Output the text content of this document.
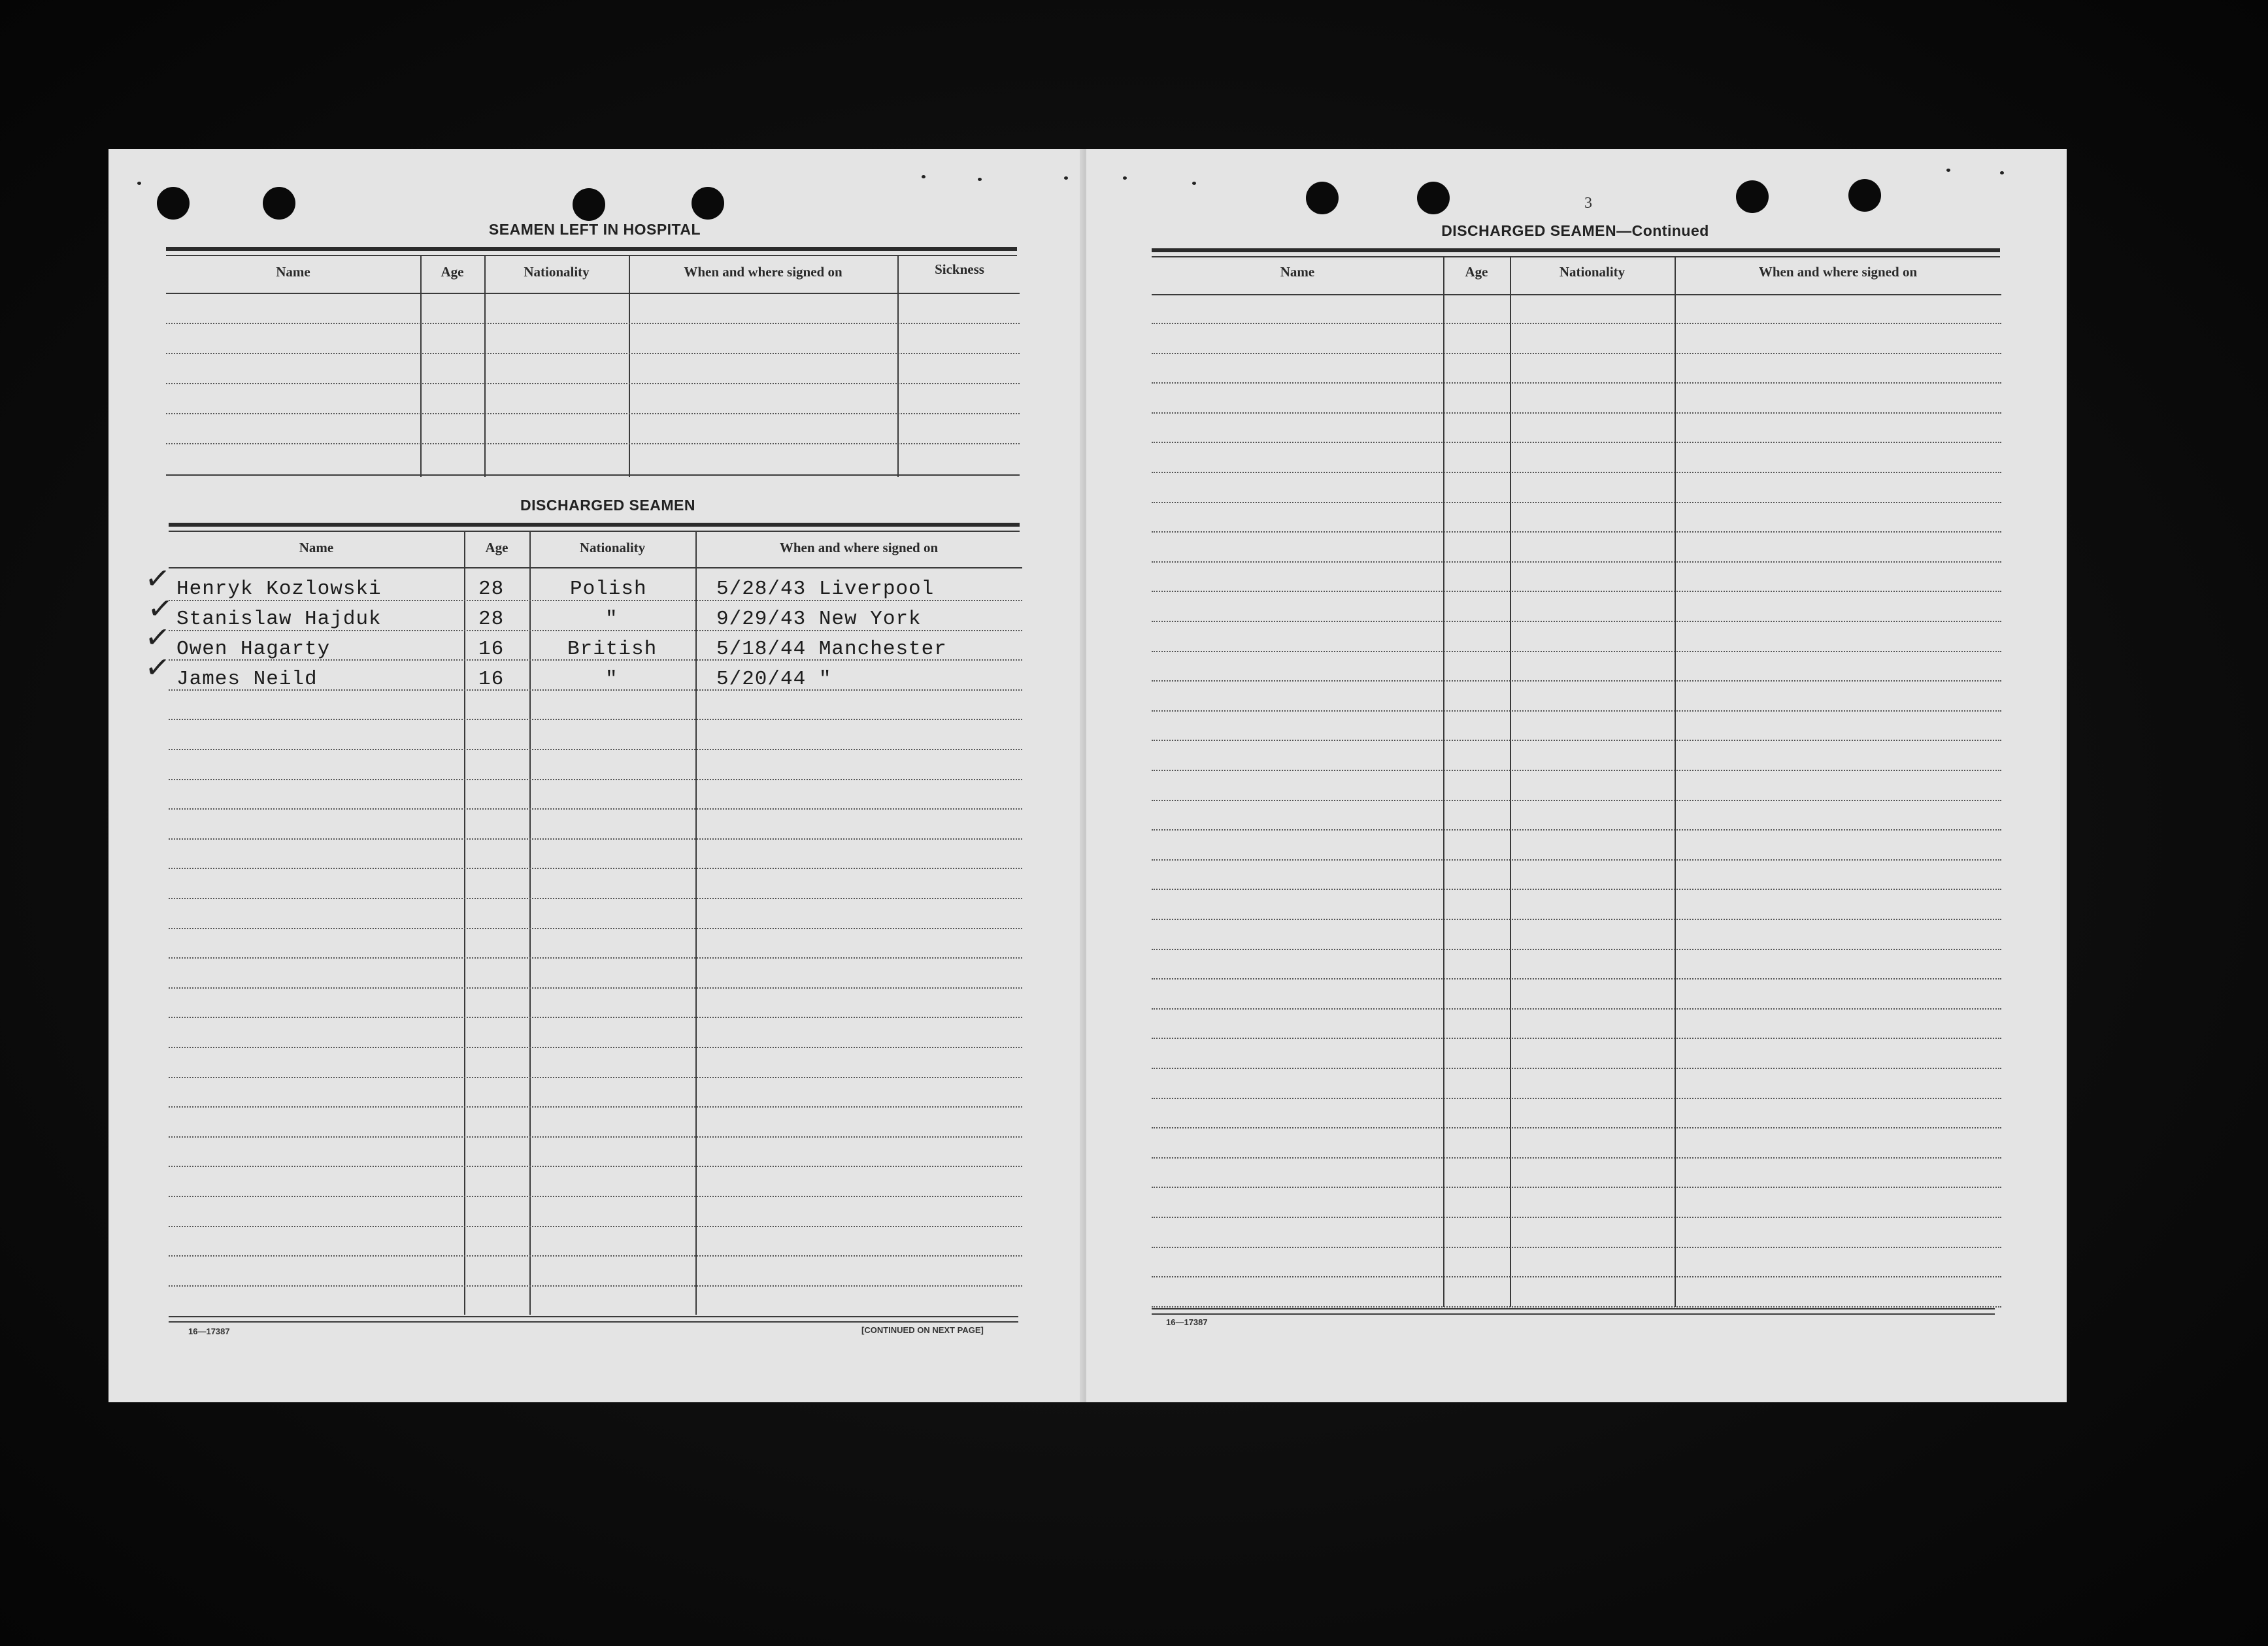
SEAMEN LEFT IN HOSPITAL
Name	Age	Nationality	When and where signed on	Sickness
DISCHARGED SEAMEN
Name	Age	Nationality	When and where signed on
✓ Henryk Kozlowski	28	Polish	5/28/43 Liverpool
✓ Stanislaw Hajduk	28	"	9/29/43 New York
✓ Owen Hagarty	16	British	5/18/44 Manchester
✓ James Neild	16	"	5/20/44 "
16—17387	[CONTINUED ON NEXT PAGE]
3
DISCHARGED SEAMEN—Continued
Name	Age	Nationality	When and where signed on
16—17387
